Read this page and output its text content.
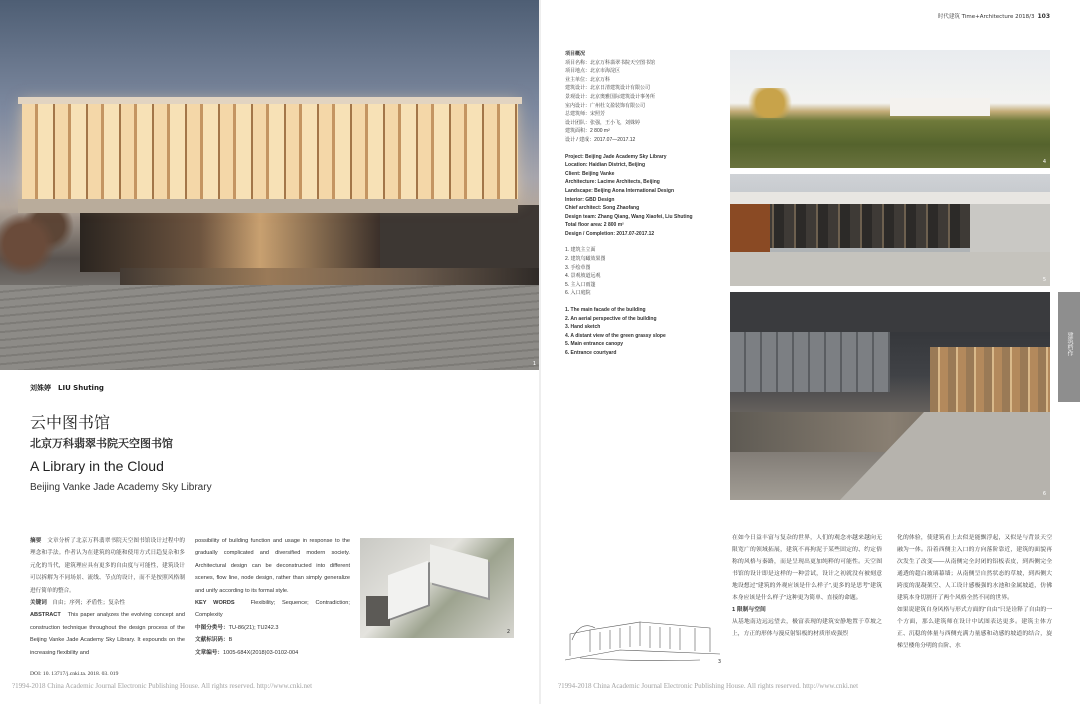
1
刘姝婷　LIU Shuting
云中图书馆
北京万科翡翠书院天空图书馆
A Library in the Cloud
Beijing Vanke Jade Academy Sky Library
摘要　 文章分析了北京万科翡翠书院天空图书馆设计过程中的理念和手法。作者认为在建筑的功能和使用方式日趋复杂和多元化的当代，建筑理应具有更多的自由度与可能性，建筑设计可以拆解为不同场景、流线、节点的设计，而不是按照风格制进行简单的整合。
关键词　 自由；序列；矛盾性；复杂性
ABSTRACT　 This paper analyzes the evolving concept and construction technique throughout the design process of the Beijing Vanke Jade Academy Sky Library. It expounds on the increasing flexibility and
possibility of building function and usage in response to the gradually complicated and diversified modern society. Architectural design can be deconstructed into different scenes, flow line, node design, rather than simply generalize and unify according to its formal style.
KEY WORDS　	Flexibility; Sequence; Contradiction; Complexity
中图分类号：TU-86(21); TU242.3
文献标识码：B
文章编号：1005-684X(2018)03-0102-004
2
DOI: 10. 13717/j.cnki.ta. 2018. 03. 019
?1994-2018 China Academic Journal Electronic Publishing House. All rights reserved. http://www.cnki.net
时代建筑 Time+Architecture 2018/3 103
项目概况
项目名称：北京万科翡翠书院天空图书馆
项目地点：北京市海淀区
业主单位：北京万科
建筑设计：北京日清建筑设计有限公司
景观设计：北京奥雅国际建筑设计事务所
室内设计：广州杜文盈装饰有限公司
总建筑师：宋照芳
设计团队：张强，王小飞，刘姝婷
建筑面积：2 800 m²
设计 / 建成：2017.07—2017.12
Project: Beijing Jade Academy Sky Library
Location: Haidian District, Beijing
Client: Beijing Vanke
Architecture: Lacime Architects, Beijing
Landscape: Beijing Aona International Design
Interior: GBD Design
Chief architect: Song Zhaofang
Design team: Zhang Qiang, Wang Xiaofei, Liu Shuting
Total floor area: 2 800 m²
Design / Completion: 2017.07-2017.12
1. 建筑主立面
2. 建筑鸟瞰效果图
3. 手绘草图
4. 景观坡道远观
5. 主入口雨篷
6. 入口庭院
1. The main facade of the building
2. An aerial perspective of the building
3. Hand sketch
4. A distant view of the green grassy slope
5. Main entrance canopy
6. Entrance courtyard
4
5
6
3
在如今日益丰富与复杂的世界，人们的观念亦越来越向无限宽广的领域拓展，建筑不再拘泥于某些固定的、约定俗称的风格与秦路，而是呈现出更加纯粹的可能性。天空图书馆的设计即是这样的一种尝试，设计之初就没有被刻意地设想过“建筑的外观应该是什么样子”,更多的是思考“建筑本身应该是什么样子”这种更为简单、直接的命题。
1 限制与空间
从基地南边远远望去，极富表现的建筑安静地置于草坡之上，方正的形体与漫反射铝板的材质形成强烈
化的体验，使建筑看上去似是能飘浮起，又似是与背景天空融为一体。沿着西侧主入口的方向落阶靠近，建筑的面貌再次发生了改变——从南侧完全封闭的铝板表皮，到西侧完全通透的超白玻璃幕墙；从南侧呈自然状态的草坡，到西侧大跨度的混凝架空、人工设计感极强的水池和金属坡道，仿佛建筑本身切割开了两个风格全然不同的世界。
如果说建筑自身风格与形式方面的“自由”只是诠释了自由的一个方面，那么建筑师在设计中试图表达更多。建筑主体方正、沉稳的体量与西侧充满力量感和动感的坡道的结合，旋梯呈楼角分明的台阶、水
?1994-2018 China Academic Journal Electronic Publishing House. All rights reserved. http://www.cnki.net
建筑档作
